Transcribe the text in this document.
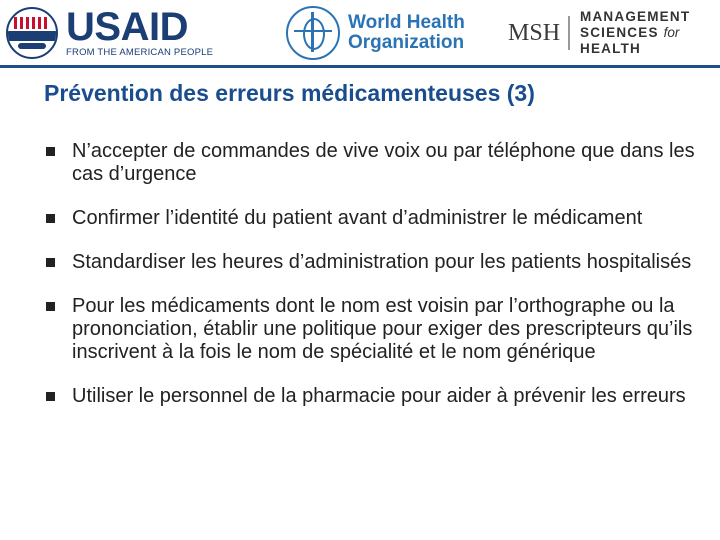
USAID
FROM THE AMERICAN PEOPLE
World Health
Organization MSH
MANAGEMENT
SCIENCES for HEALTH
Prévention des erreurs médicamenteuses (3)
N’accepter de commandes de vive voix ou par téléphone que dans les cas d’urgence
Confirmer l’identité du patient avant d’administrer le médicament
Standardiser les heures d’administration pour les patients hospitalisés
Pour les médicaments dont le nom est voisin par l’orthographe ou la prononciation, établir une politique pour exiger des prescripteurs qu’ils inscrivent à la fois le nom de spécialité et le nom générique
Utiliser le personnel de la pharmacie pour aider à prévenir les erreurs
